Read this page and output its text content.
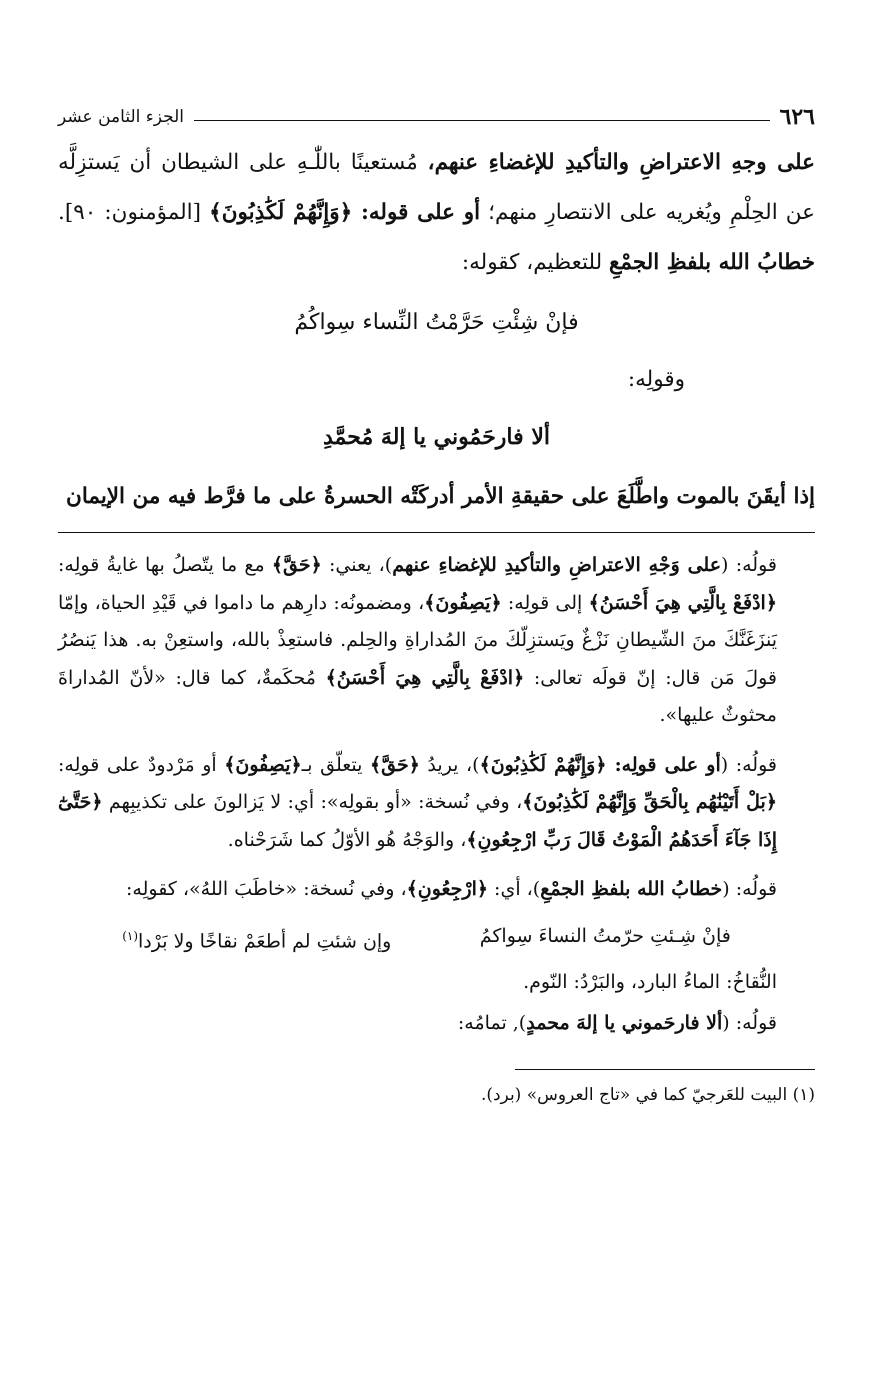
٦٢٦
الجزء الثامن عشر

على وجهِ الاعتراضِ والتأكيدِ للإغضاءِ عنهم، مُستعينًا باللّٰـهِ على الشيطان أن يَستزِلَّه عن الحِلْمِ ويُغريه على الانتصارِ منهم؛ أو على قوله: ﴿وَإِنَّهُمْ لَكَٰذِبُونَ﴾ [المؤمنون: ٩٠]. خطابُ الله بلفظِ الجمْعِ للتعظيم، كقوله:

فإنْ شِئْتِ حَرَّمْتُ النِّساء سِواكُمُ
وقولِه:
ألا فارحَمُوني يا إلهَ مُحمَّدِ

إذا أيقَنَ بالموت واطَّلَعَ على حقيقةِ الأمر أدركَتْه الحسرةُ على ما فرَّط فيه من الإيمان

قولُه: (على وَجْهِ الاعتراضِ والتأكيدِ للإغضاءِ عنهم)، يعني: ﴿حَقَّ﴾ مع ما يتّصلُ بها غايةُ قولِه: ﴿ادْفَعْ بِالَّتِي هِيَ أَحْسَنُ﴾ إلى قولِه: ﴿يَصِفُونَ﴾، ومضمونُه: دارِهم ما داموا في قَيْدِ الحياة، وإمّا يَنزَغَنَّكَ منَ الشّيطانِ نَزْغٌ ويَستزِلّكَ منَ المُداراةِ والحِلم. فاستعِذْ بالله، واستعِنْ به. هذا يَنصُرُ قولَ مَن قال: إنّ قولَه تعالى: ﴿ادْفَعْ بِالَّتِي هِيَ أَحْسَنُ﴾ مُحكَمةٌ، كما قال: «لأنّ المُداراةَ محثوثٌ عليها».

قولُه: (أو على قولِه: ﴿وَإِنَّهُمْ لَكَٰذِبُونَ﴾)، يريدُ ﴿حَقَّ﴾ يتعلّق بـ﴿يَصِفُونَ﴾ أو مَرْدودٌ على قولِه: ﴿بَلْ أَتَيْنَٰهُم بِالْحَقِّ وَإِنَّهُمْ لَكَٰذِبُونَ﴾، وفي نُسخة: «أو بقولِه»: أي: لا يَزالونَ على تكذيبِهم ﴿حَتَّىٰٓ إِذَا جَآءَ أَحَدَهُمُ الْمَوْتُ قَالَ رَبِّ ارْجِعُونِ﴾، والوَجْهُ هُو الأوّلُ كما شَرَحْناه.

قولُه: (خطابُ الله بلفظِ الجمْعِ)، أي: ﴿ارْجِعُونِ﴾، وفي نُسخة: «خاطَبَ اللهُ»، كقولِه:

فإنْ شِـئتِ حرّمتُ النساءَ سِواكمُ
وإن شئتِ لم أطعَمْ نقاخًا ولا بَرْدا$^{(١)}$

النُّقاخُ: الماءُ البارد، والبَرْدُ: النّوم.

قولُه: (ألا فارحَموني يا إلهَ محمدٍ), تمامُه:

(١) البيت للعَرجيّ كما في «تاج العروس» (برد).
